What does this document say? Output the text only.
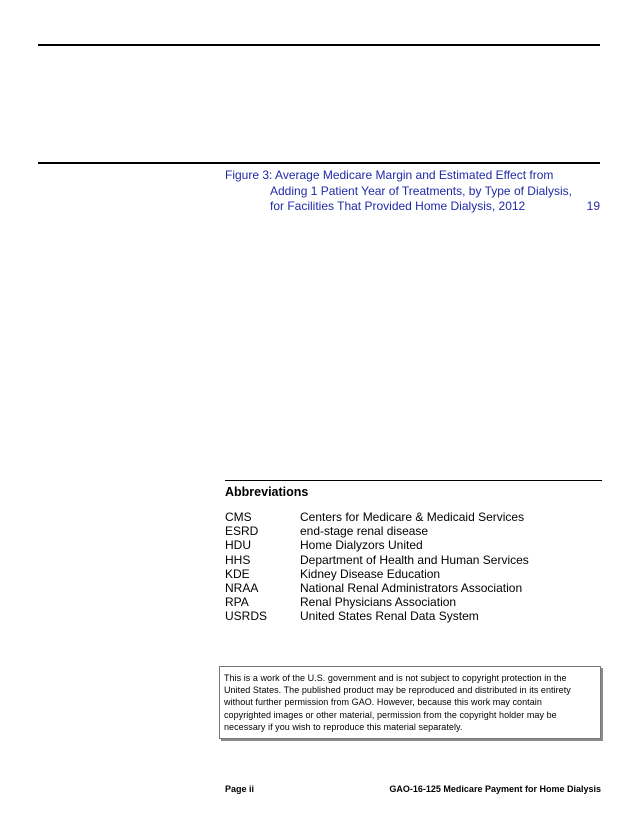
Figure 3: Average Medicare Margin and Estimated Effect from
Adding 1 Patient Year of Treatments, by Type of Dialysis,
for Facilities That Provided Home Dialysis, 2012	19
Abbreviations
CMS	Centers for Medicare & Medicaid Services
ESRD	end-stage renal disease
HDU	Home Dialyzors United
HHS	Department of Health and Human Services
KDE	Kidney Disease Education
NRAA	National Renal Administrators Association
RPA	Renal Physicians Association
USRDS	United States Renal Data System
This is a work of the U.S. government and is not subject to copyright protection in the
United States. The published product may be reproduced and distributed in its entirety
without further permission from GAO. However, because this work may contain
copyrighted images or other material, permission from the copyright holder may be
necessary if you wish to reproduce this material separately.
Page ii	GAO-16-125 Medicare Payment for Home Dialysis
